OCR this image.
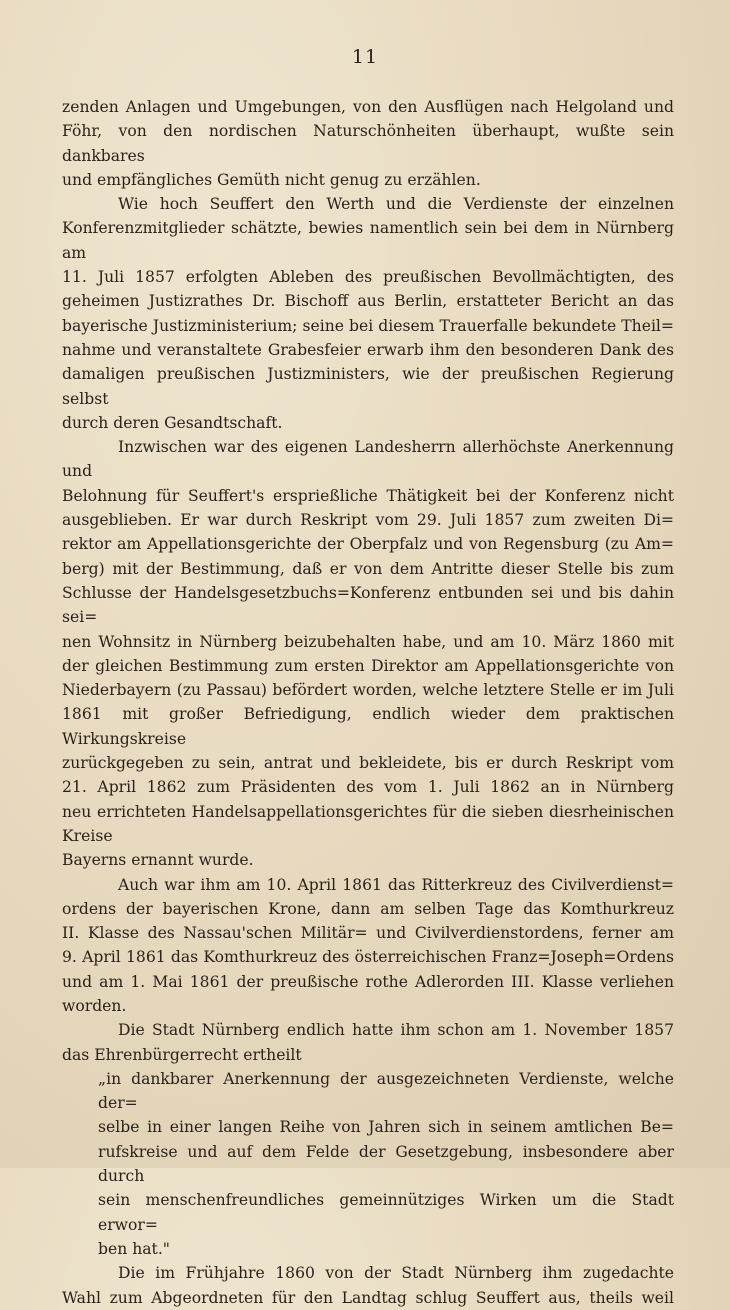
11

zenden Anlagen und Umgebungen, von den Ausflügen nach Helgoland und

Föhr, von den nordischen Naturschönheiten überhaupt, wußte sein dankbares

und empfängliches Gemüth nicht genug zu erzählen.

Wie hoch Seuffert den Werth und die Verdienste der einzelnen

Konferenzmitglieder schätzte, bewies namentlich sein bei dem in Nürnberg am

11. Juli 1857 erfolgten Ableben des preußischen Bevollmächtigten, des

geheimen Justizrathes Dr. Bischoff aus Berlin, erstatteter Bericht an das

bayerische Justizministerium; seine bei diesem Trauerfalle bekundete Theil=

nahme und veranstaltete Grabesfeier erwarb ihm den besonderen Dank des

damaligen preußischen Justizministers, wie der preußischen Regierung selbst

durch deren Gesandtschaft.

Inzwischen war des eigenen Landesherrn allerhöchste Anerkennung und

Belohnung für Seuffert's ersprießliche Thätigkeit bei der Konferenz nicht

ausgeblieben. Er war durch Reskript vom 29. Juli 1857 zum zweiten Di=

rektor am Appellationsgerichte der Oberpfalz und von Regensburg (zu Am=

berg) mit der Bestimmung, daß er von dem Antritte dieser Stelle bis zum

Schlusse der Handelsgesetzbuchs=Konferenz entbunden sei und bis dahin sei=

nen Wohnsitz in Nürnberg beizubehalten habe, und am 10. März 1860 mit

der gleichen Bestimmung zum ersten Direktor am Appellationsgerichte von

Niederbayern (zu Passau) befördert worden, welche letztere Stelle er im Juli

1861 mit großer Befriedigung, endlich wieder dem praktischen Wirkungskreise

zurückgegeben zu sein, antrat und bekleidete, bis er durch Reskript vom

21. April 1862 zum Präsidenten des vom 1. Juli 1862 an in Nürnberg

neu errichteten Handelsappellationsgerichtes für die sieben diesrheinischen Kreise

Bayerns ernannt wurde.

Auch war ihm am 10. April 1861 das Ritterkreuz des Civilverdienst=

ordens der bayerischen Krone, dann am selben Tage das Komthurkreuz

II. Klasse des Nassau'schen Militär= und Civilverdienstordens, ferner am

9. April 1861 das Komthurkreuz des österreichischen Franz=Joseph=Ordens

und am 1. Mai 1861 der preußische rothe Adlerorden III. Klasse verliehen

worden.

Die Stadt Nürnberg endlich hatte ihm schon am 1. November 1857

das Ehrenbürgerrecht ertheilt

„in dankbarer Anerkennung der ausgezeichneten Verdienste, welche der=

selbe in einer langen Reihe von Jahren sich in seinem amtlichen Be=

rufskreise und auf dem Felde der Gesetzgebung, insbesondere aber durch

sein menschenfreundliches gemeinnütziges Wirken um die Stadt erwor=

ben hat."

Die im Frühjahre 1860 von der Stadt Nürnberg ihm zugedachte

Wahl zum Abgeordneten für den Landtag schlug Seuffert aus, theils weil
